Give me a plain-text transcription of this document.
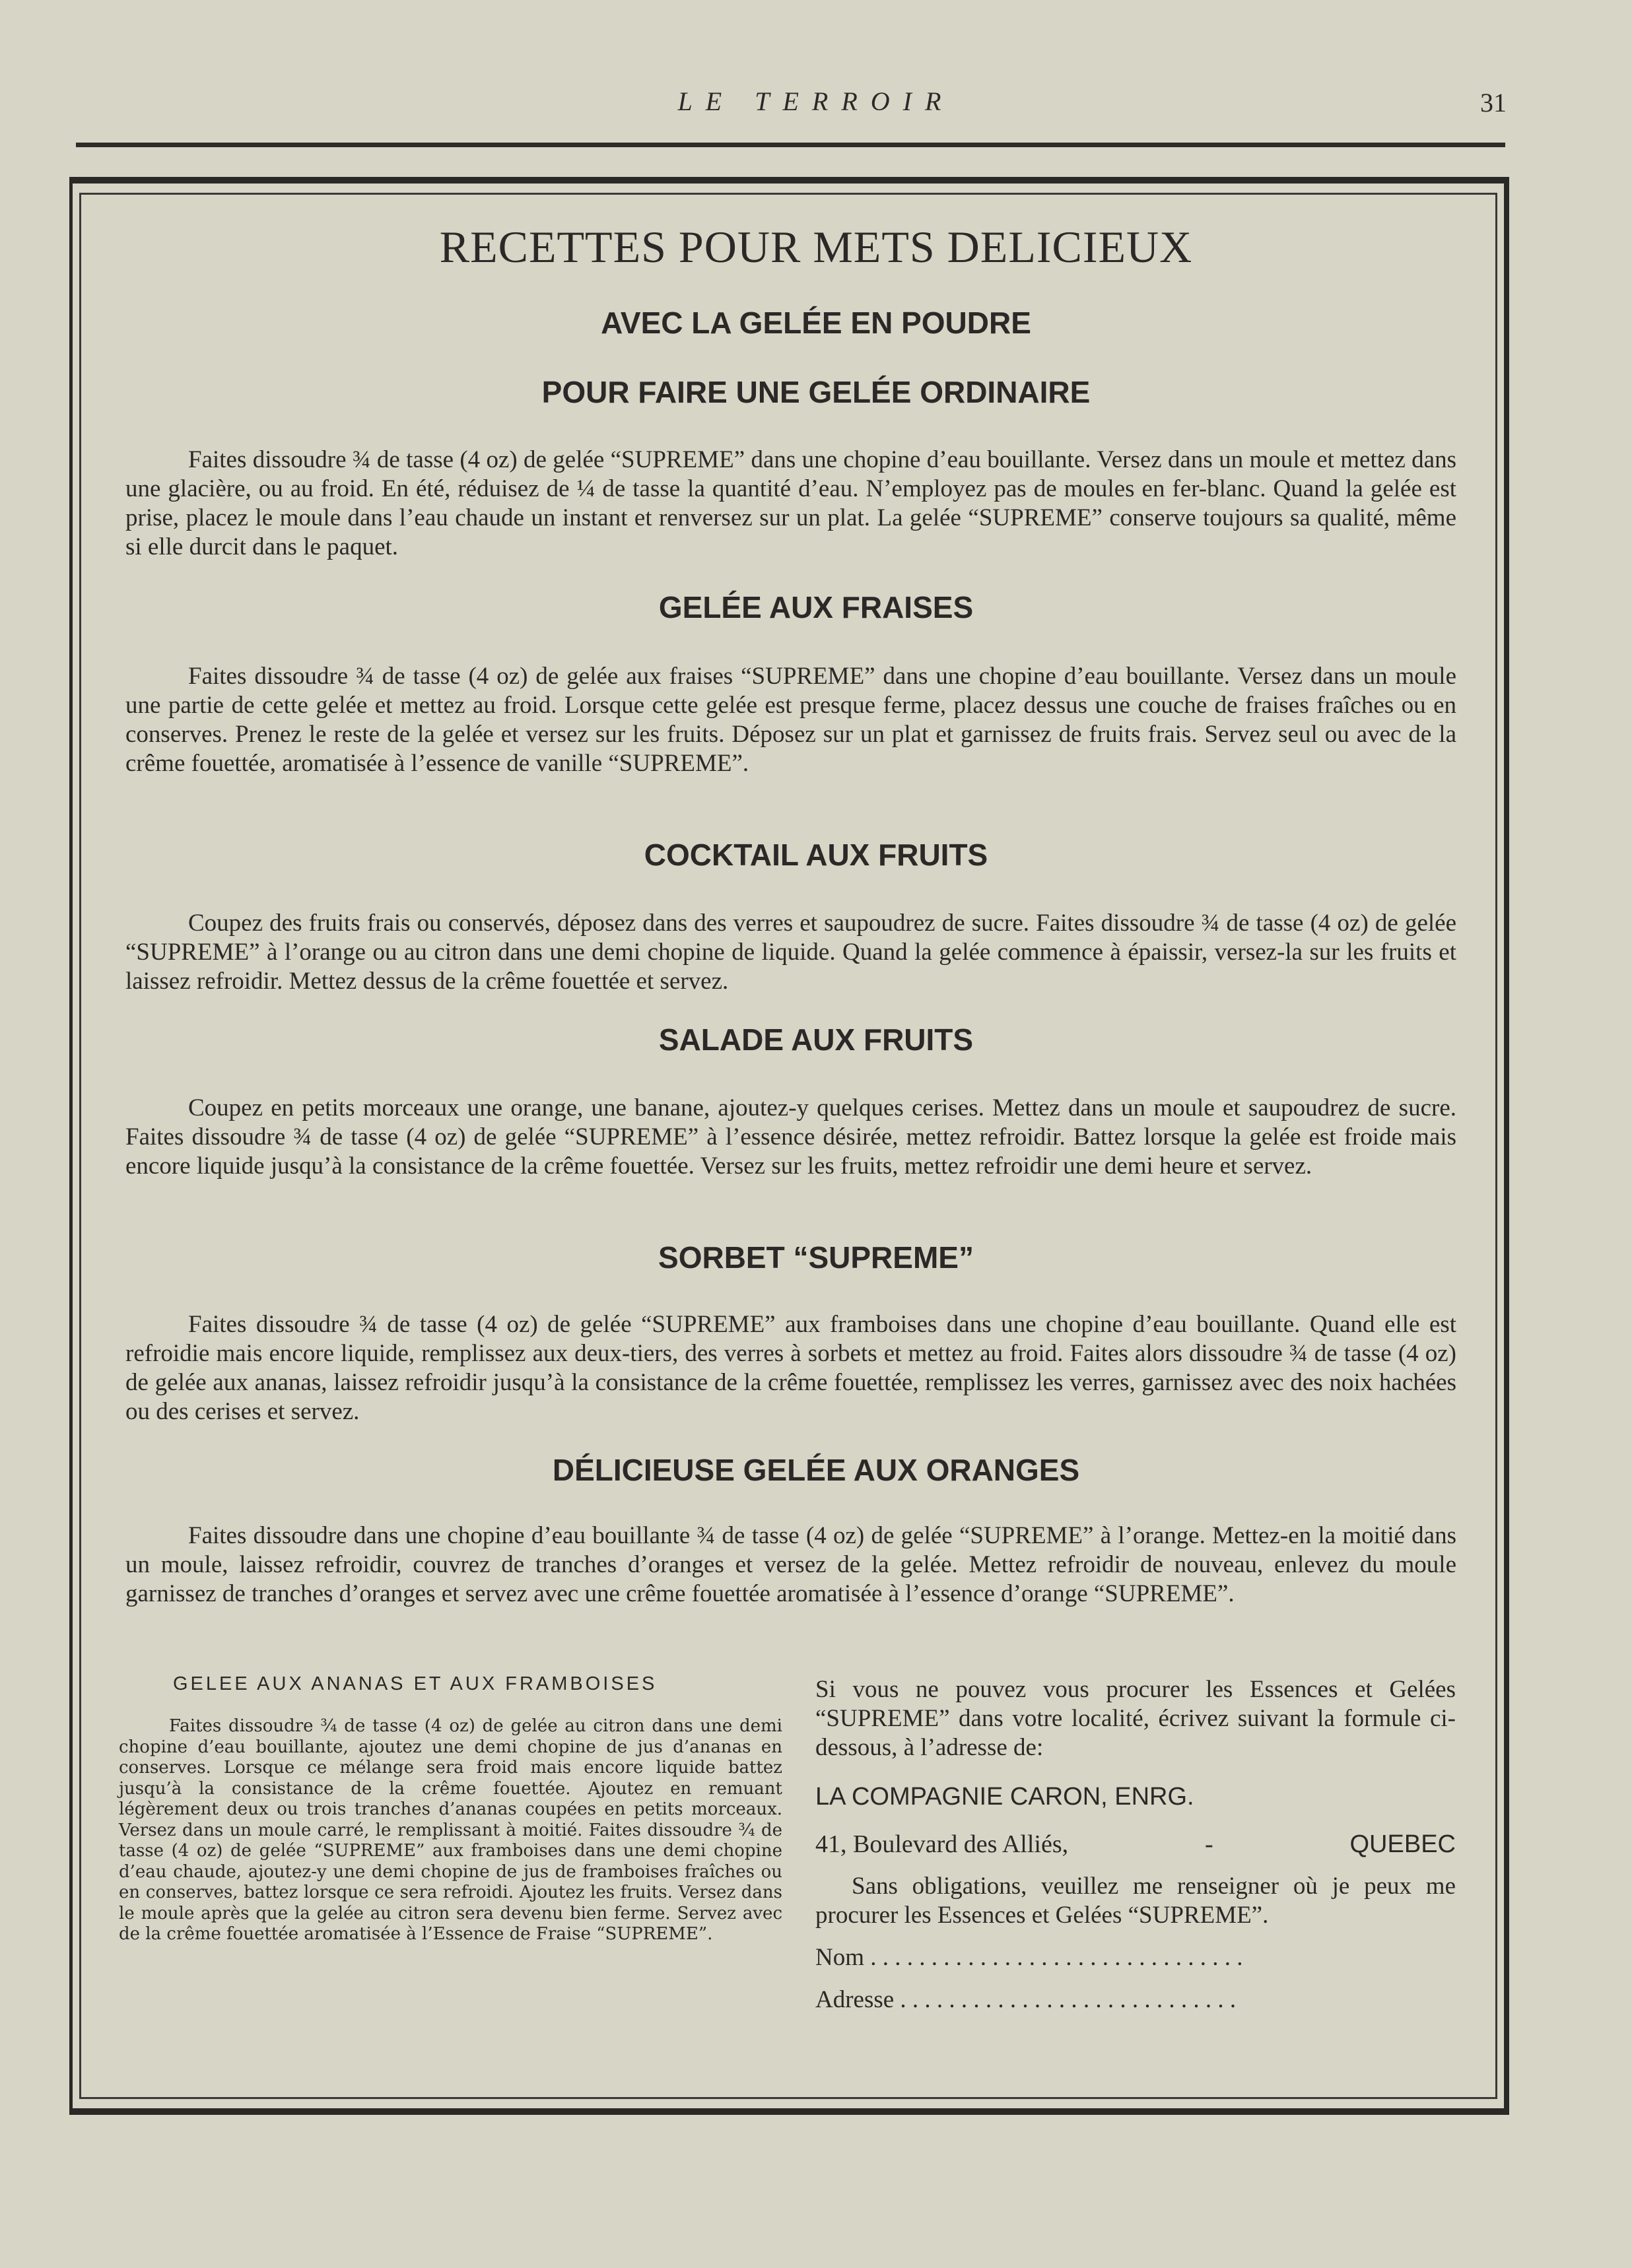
LE TERROIR	31
RECETTES POUR METS DELICIEUX
AVEC LA GELÉE EN POUDRE
POUR FAIRE UNE GELÉE ORDINAIRE

Faites dissoudre ¾ de tasse (4 oz) de gelée “SUPREME” dans une chopine d’eau bouillante. Versez dans un moule et mettez dans une glacière, ou au froid. En été, réduisez de ¼ de tasse la quantité d’eau. N’employez pas de moules en fer-blanc. Quand la gelée est prise, placez le moule dans l’eau chaude un instant et renversez sur un plat. La gelée “SUPREME” conserve toujours sa qualité, même si elle durcit dans le paquet.

GELÉE AUX FRAISES

Faites dissoudre ¾ de tasse (4 oz) de gelée aux fraises “SUPREME” dans une chopine d’eau bouillante. Versez dans un moule une partie de cette gelée et mettez au froid. Lorsque cette gelée est presque ferme, placez dessus une couche de fraises fraîches ou en conserves. Prenez le reste de la gelée et versez sur les fruits. Déposez sur un plat et garnissez de fruits frais. Servez seul ou avec de la crême fouettée, aromatisée à l’essence de vanille “SUPREME”.

COCKTAIL AUX FRUITS

Coupez des fruits frais ou conservés, déposez dans des verres et saupoudrez de sucre. Faites dissoudre ¾ de tasse (4 oz) de gelée “SUPREME” à l’orange ou au citron dans une demi chopine de liquide. Quand la gelée commence à épaissir, versez-la sur les fruits et laissez refroidir. Mettez dessus de la crême fouettée et servez.

SALADE AUX FRUITS

Coupez en petits morceaux une orange, une banane, ajoutez-y quelques cerises. Mettez dans un moule et saupoudrez de sucre. Faites dissoudre ¾ de tasse (4 oz) de gelée “SUPREME” à l’essence désirée, mettez refroidir. Battez lorsque la gelée est froide mais encore liquide jusqu’à la consistance de la crême fouettée. Versez sur les fruits, mettez refroidir une demi heure et servez.

SORBET “SUPREME”

Faites dissoudre ¾ de tasse (4 oz) de gelée “SUPREME” aux framboises dans une chopine d’eau bouillante. Quand elle est refroidie mais encore liquide, remplissez aux deux-tiers, des verres à sorbets et mettez au froid. Faites alors dissoudre ¾ de tasse (4 oz) de gelée aux ananas, laissez refroidir jusqu’à la consistance de la crême fouettée, remplissez les verres, garnissez avec des noix hachées ou des cerises et servez.

DÉLICIEUSE GELÉE AUX ORANGES

Faites dissoudre dans une chopine d’eau bouillante ¾ de tasse (4 oz) de gelée “SUPREME” à l’orange. Mettez-en la moitié dans un moule, laissez refroidir, couvrez de tranches d’oranges et versez de la gelée. Mettez refroidir de nouveau, enlevez du moule garnissez de tranches d’oranges et servez avec une crême fouettée aromatisée à l’essence d’orange “SUPREME”.

GELEE AUX ANANAS ET AUX FRAMBOISES

Faites dissoudre ¾ de tasse (4 oz) de gelée au citron dans une demi chopine d’eau bouillante, ajoutez une demi chopine de jus d’ananas en conserves. Lorsque ce mélange sera froid mais encore liquide battez jusqu’à la consistance de la crême fouettée. Ajoutez en remuant légèrement deux ou trois tranches d’ananas coupées en petits morceaux. Versez dans un moule carré, le remplissant à moitié. Faites dissoudre ¾ de tasse (4 oz) de gelée “SUPREME” aux framboises dans une demi chopine d’eau chaude, ajoutez-y une demi chopine de jus de framboises fraîches ou en conserves, battez lorsque ce sera refroidi. Ajoutez les fruits. Versez dans le moule après que la gelée au citron sera devenu bien ferme. Servez avec de la crême fouettée aromatisée à l’Essence de Fraise “SUPREME”.

Si vous ne pouvez vous procurer les Essences et Gelées “SUPREME” dans votre localité, écrivez suivant la formule ci-dessous, à l’adresse de:

LA COMPAGNIE CARON, ENRG.

41, Boulevard des Alliés,	-	QUEBEC

Sans obligations, veuillez me renseigner où je peux me procurer les Essences et Gelées “SUPREME”.

Nom . . . . . . . . . . . . . . . . . . . . . . . . . . . . . . .

Adresse . . . . . . . . . . . . . . . . . . . . . . . . . . . .
